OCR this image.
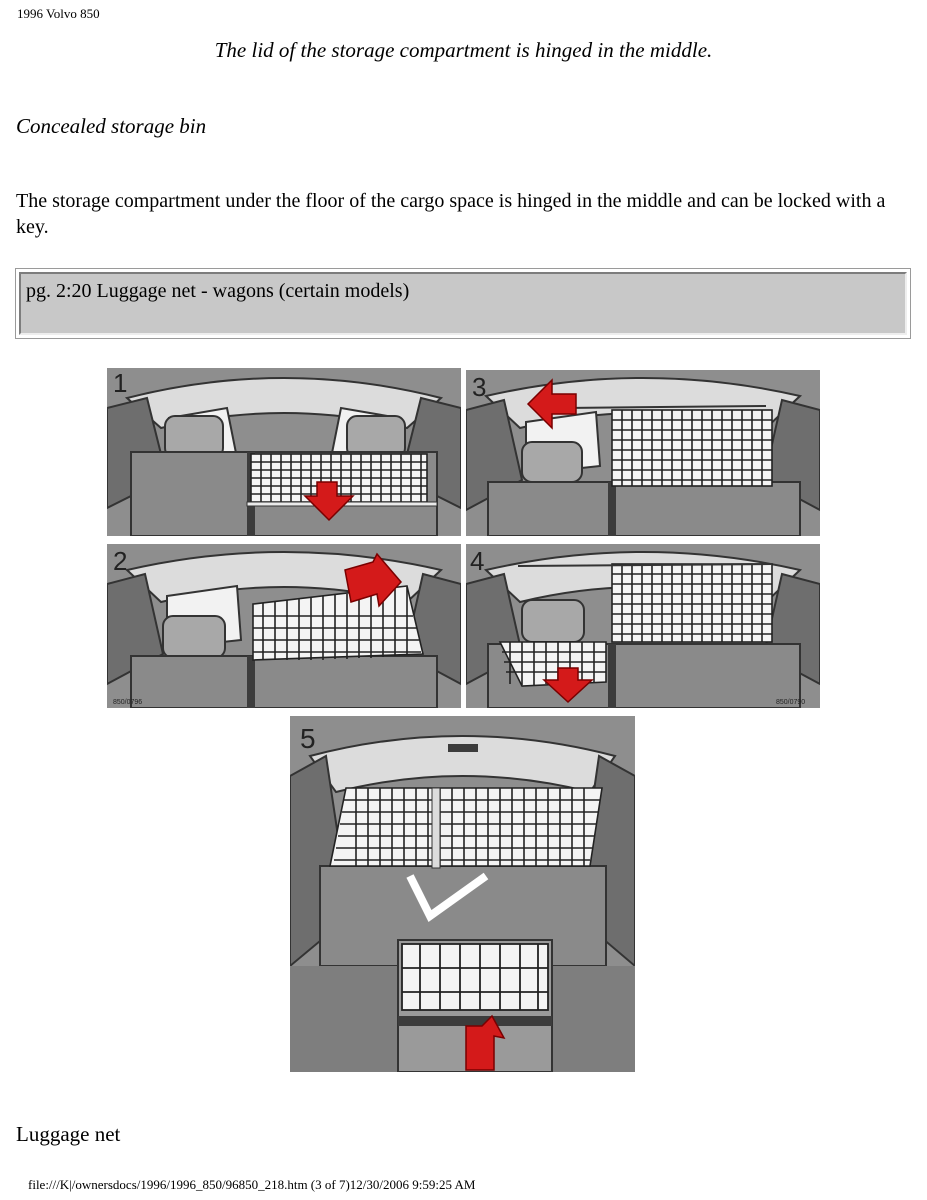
1996 Volvo 850
The lid of the storage compartment is hinged in the middle.
Concealed storage bin
The storage compartment under the floor of the cargo space is hinged in the middle and can be locked with a key.
pg. 2:20 Luggage net - wagons (certain models)
1	3
2
850/0796
4
850/0790
5
Luggage net
file:///K|/ownersdocs/1996/1996_850/96850_218.htm (3 of 7)12/30/2006 9:59:25 AM
